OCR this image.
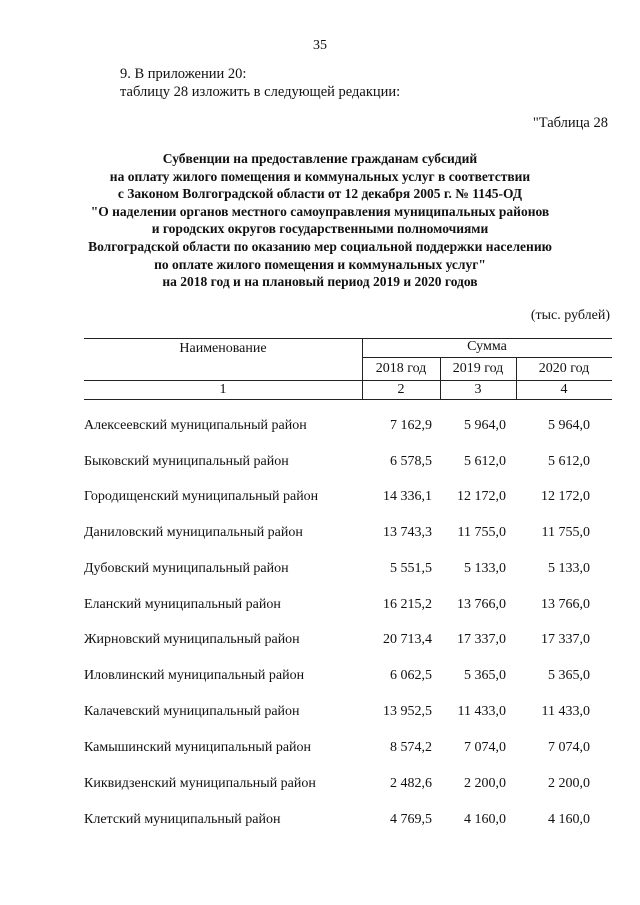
35
9. В приложении 20:
таблицу 28 изложить в следующей редакции:
"Таблица 28
Субвенции на предоставление гражданам субсидий
на оплату жилого помещения и коммунальных услуг в соответствии
с Законом Волгоградской области от 12 декабря 2005 г. № 1145-ОД
"О наделении органов местного самоуправления муниципальных районов
и городских округов государственными полномочиями
Волгоградской области по оказанию мер социальной поддержки населению
по оплате жилого помещения и коммунальных услуг"
на 2018 год и на плановый период 2019 и 2020 годов
(тыс. рублей)
Наименование	Сумма
2018 год	2019 год	2020 год
1	2	3	4
Алексеевский муниципальный район	7 162,9	5 964,0	5 964,0
Быковский муниципальный район	6 578,5	5 612,0	5 612,0
Городищенский муниципальный район	14 336,1	12 172,0	12 172,0
Даниловский муниципальный район	13 743,3	11 755,0	11 755,0
Дубовский муниципальный район	5 551,5	5 133,0	5 133,0
Еланский муниципальный район	16 215,2	13 766,0	13 766,0
Жирновский муниципальный район	20 713,4	17 337,0	17 337,0
Иловлинский муниципальный район	6 062,5	5 365,0	5 365,0
Калачевский муниципальный район	13 952,5	11 433,0	11 433,0
Камышинский муниципальный район	8 574,2	7 074,0	7 074,0
Киквидзенский муниципальный район	2 482,6	2 200,0	2 200,0
Клетский муниципальный район	4 769,5	4 160,0	4 160,0
